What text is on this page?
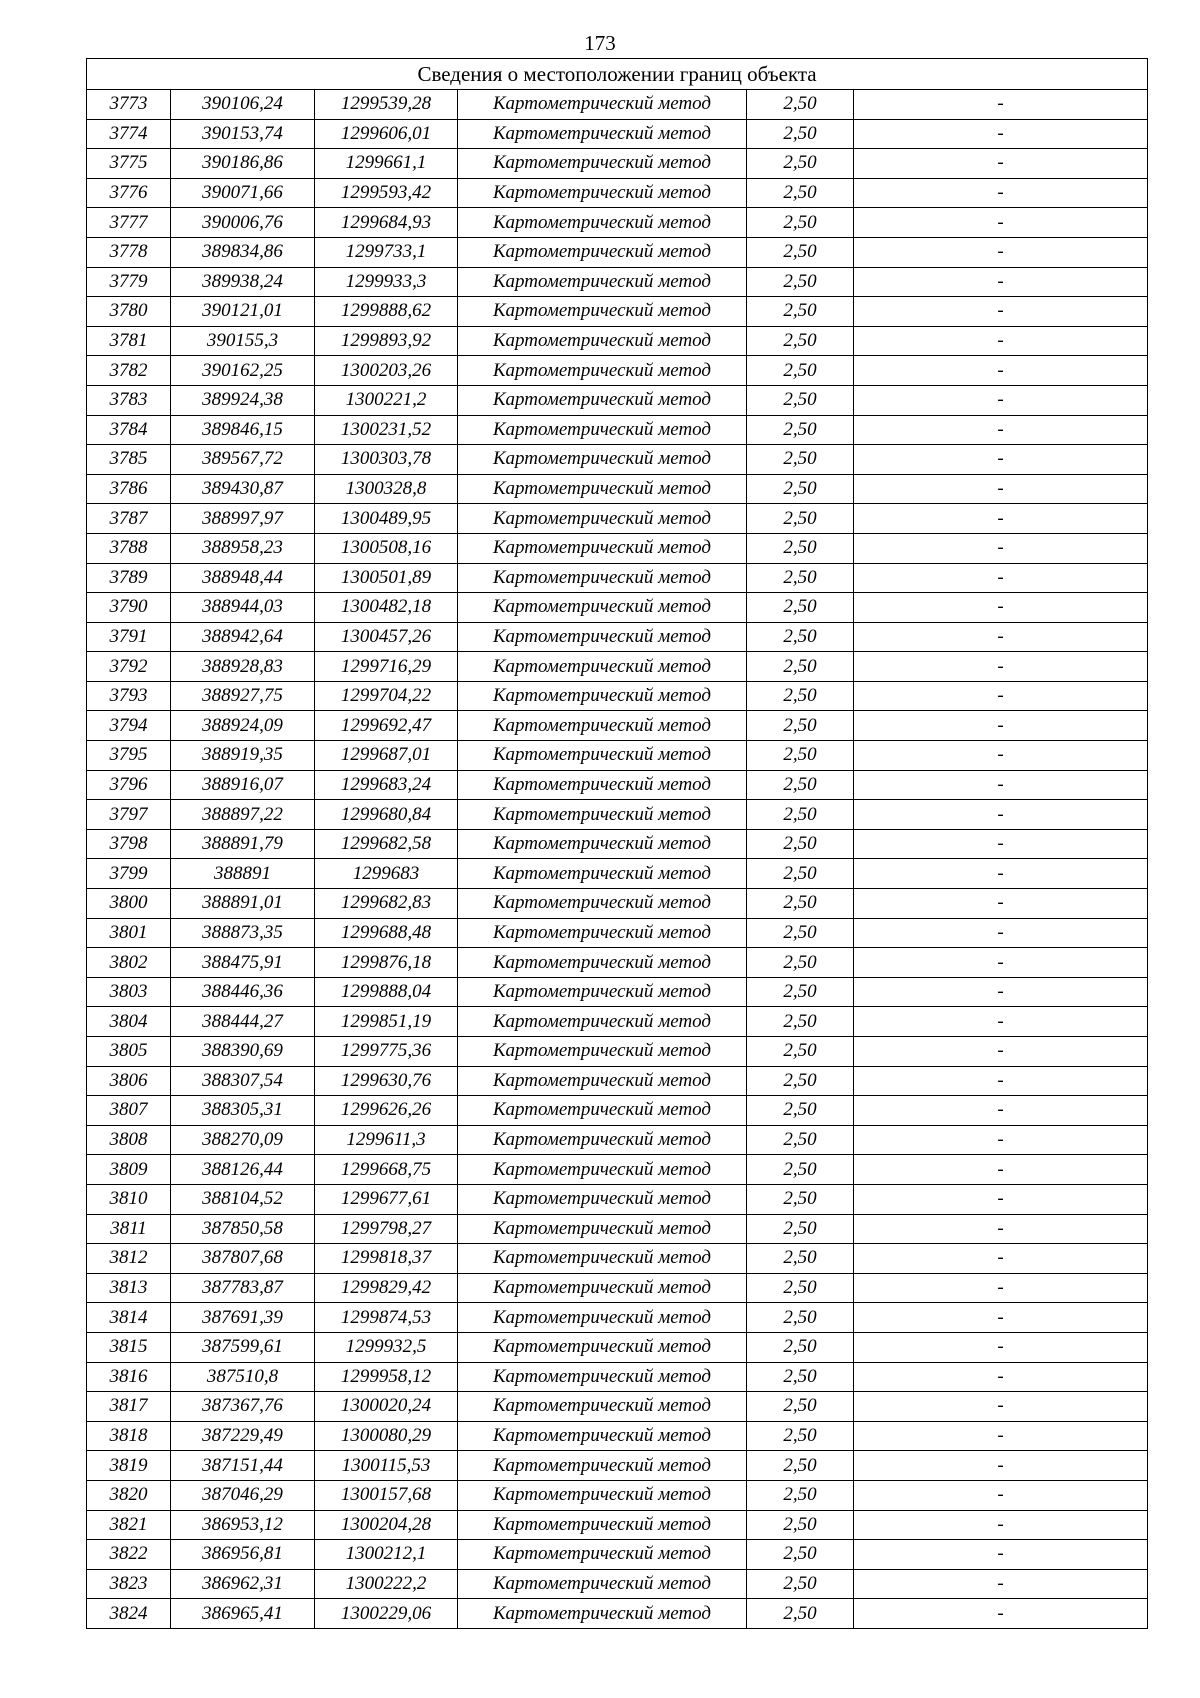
173
Сведения о местоположении границ объекта					
3773	390106,24	1299539,28	Картометрический метод	2,50	-
3774	390153,74	1299606,01	Картометрический метод	2,50	-
3775	390186,86	1299661,1	Картометрический метод	2,50	-
3776	390071,66	1299593,42	Картометрический метод	2,50	-
3777	390006,76	1299684,93	Картометрический метод	2,50	-
3778	389834,86	1299733,1	Картометрический метод	2,50	-
3779	389938,24	1299933,3	Картометрический метод	2,50	-
3780	390121,01	1299888,62	Картометрический метод	2,50	-
3781	390155,3	1299893,92	Картометрический метод	2,50	-
3782	390162,25	1300203,26	Картометрический метод	2,50	-
3783	389924,38	1300221,2	Картометрический метод	2,50	-
3784	389846,15	1300231,52	Картометрический метод	2,50	-
3785	389567,72	1300303,78	Картометрический метод	2,50	-
3786	389430,87	1300328,8	Картометрический метод	2,50	-
3787	388997,97	1300489,95	Картометрический метод	2,50	-
3788	388958,23	1300508,16	Картометрический метод	2,50	-
3789	388948,44	1300501,89	Картометрический метод	2,50	-
3790	388944,03	1300482,18	Картометрический метод	2,50	-
3791	388942,64	1300457,26	Картометрический метод	2,50	-
3792	388928,83	1299716,29	Картометрический метод	2,50	-
3793	388927,75	1299704,22	Картометрический метод	2,50	-
3794	388924,09	1299692,47	Картометрический метод	2,50	-
3795	388919,35	1299687,01	Картометрический метод	2,50	-
3796	388916,07	1299683,24	Картометрический метод	2,50	-
3797	388897,22	1299680,84	Картометрический метод	2,50	-
3798	388891,79	1299682,58	Картометрический метод	2,50	-
3799	388891	1299683	Картометрический метод	2,50	-
3800	388891,01	1299682,83	Картометрический метод	2,50	-
3801	388873,35	1299688,48	Картометрический метод	2,50	-
3802	388475,91	1299876,18	Картометрический метод	2,50	-
3803	388446,36	1299888,04	Картометрический метод	2,50	-
3804	388444,27	1299851,19	Картометрический метод	2,50	-
3805	388390,69	1299775,36	Картометрический метод	2,50	-
3806	388307,54	1299630,76	Картометрический метод	2,50	-
3807	388305,31	1299626,26	Картометрический метод	2,50	-
3808	388270,09	1299611,3	Картометрический метод	2,50	-
3809	388126,44	1299668,75	Картометрический метод	2,50	-
3810	388104,52	1299677,61	Картометрический метод	2,50	-
3811	387850,58	1299798,27	Картометрический метод	2,50	-
3812	387807,68	1299818,37	Картометрический метод	2,50	-
3813	387783,87	1299829,42	Картометрический метод	2,50	-
3814	387691,39	1299874,53	Картометрический метод	2,50	-
3815	387599,61	1299932,5	Картометрический метод	2,50	-
3816	387510,8	1299958,12	Картометрический метод	2,50	-
3817	387367,76	1300020,24	Картометрический метод	2,50	-
3818	387229,49	1300080,29	Картометрический метод	2,50	-
3819	387151,44	1300115,53	Картометрический метод	2,50	-
3820	387046,29	1300157,68	Картометрический метод	2,50	-
3821	386953,12	1300204,28	Картометрический метод	2,50	-
3822	386956,81	1300212,1	Картометрический метод	2,50	-
3823	386962,31	1300222,2	Картометрический метод	2,50	-
3824	386965,41	1300229,06	Картометрический метод	2,50	-
